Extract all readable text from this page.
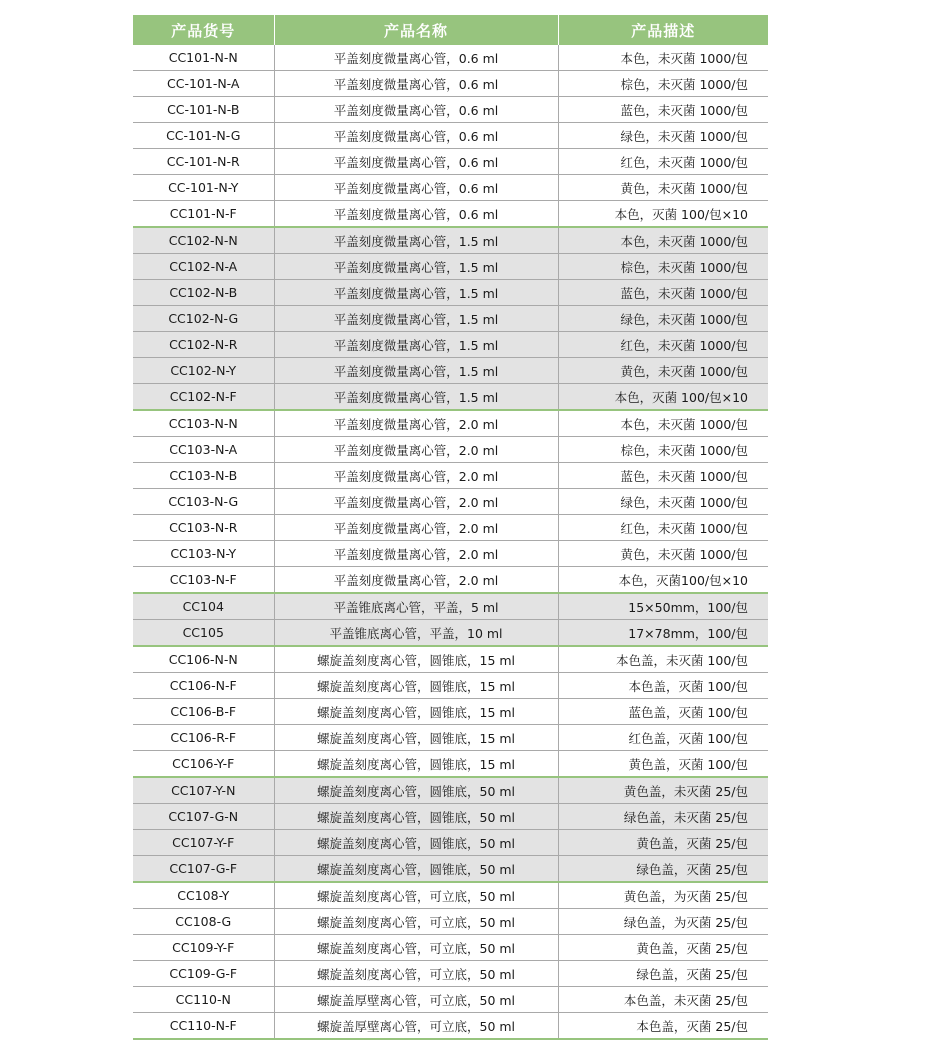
产品货号	产品名称	产品描述
CC101-N-N	平盖刻度微量离心管，0.6 ml	本色，未灭菌 1000/包
CC-101-N-A	平盖刻度微量离心管，0.6 ml	棕色，未灭菌 1000/包
CC-101-N-B	平盖刻度微量离心管，0.6 ml	蓝色，未灭菌 1000/包
CC-101-N-G	平盖刻度微量离心管，0.6 ml	绿色，未灭菌 1000/包
CC-101-N-R	平盖刻度微量离心管，0.6 ml	红色，未灭菌 1000/包
CC-101-N-Y	平盖刻度微量离心管，0.6 ml	黄色，未灭菌 1000/包
CC101-N-F	平盖刻度微量离心管，0.6 ml	本色，灭菌 100/包×10
CC102-N-N	平盖刻度微量离心管，1.5 ml	本色，未灭菌 1000/包
CC102-N-A	平盖刻度微量离心管，1.5 ml	棕色，未灭菌 1000/包
CC102-N-B	平盖刻度微量离心管，1.5 ml	蓝色，未灭菌 1000/包
CC102-N-G	平盖刻度微量离心管，1.5 ml	绿色，未灭菌 1000/包
CC102-N-R	平盖刻度微量离心管，1.5 ml	红色，未灭菌 1000/包
CC102-N-Y	平盖刻度微量离心管，1.5 ml	黄色，未灭菌 1000/包
CC102-N-F	平盖刻度微量离心管，1.5 ml	本色，灭菌 100/包×10
CC103-N-N	平盖刻度微量离心管，2.0 ml	本色，未灭菌 1000/包
CC103-N-A	平盖刻度微量离心管，2.0 ml	棕色，未灭菌 1000/包
CC103-N-B	平盖刻度微量离心管，2.0 ml	蓝色，未灭菌 1000/包
CC103-N-G	平盖刻度微量离心管，2.0 ml	绿色，未灭菌 1000/包
CC103-N-R	平盖刻度微量离心管，2.0 ml	红色，未灭菌 1000/包
CC103-N-Y	平盖刻度微量离心管，2.0 ml	黄色，未灭菌 1000/包
CC103-N-F	平盖刻度微量离心管，2.0 ml	本色，灭菌100/包×10
CC104	平盖锥底离心管，平盖，5 ml	15×50mm，100/包
CC105	平盖锥底离心管，平盖，10 ml	17×78mm，100/包
CC106-N-N	螺旋盖刻度离心管，圆锥底，15 ml	本色盖，未灭菌 100/包
CC106-N-F	螺旋盖刻度离心管，圆锥底，15 ml	本色盖，灭菌 100/包
CC106-B-F	螺旋盖刻度离心管，圆锥底，15 ml	蓝色盖，灭菌 100/包
CC106-R-F	螺旋盖刻度离心管，圆锥底，15 ml	红色盖，灭菌 100/包
CC106-Y-F	螺旋盖刻度离心管，圆锥底，15 ml	黄色盖，灭菌 100/包
CC107-Y-N	螺旋盖刻度离心管，圆锥底，50 ml	黄色盖，未灭菌 25/包
CC107-G-N	螺旋盖刻度离心管，圆锥底，50 ml	绿色盖，未灭菌 25/包
CC107-Y-F	螺旋盖刻度离心管，圆锥底，50 ml	黄色盖，灭菌 25/包
CC107-G-F	螺旋盖刻度离心管，圆锥底，50 ml	绿色盖，灭菌 25/包
CC108-Y	螺旋盖刻度离心管，可立底，50 ml	黄色盖，为灭菌 25/包
CC108-G	螺旋盖刻度离心管，可立底，50 ml	绿色盖，为灭菌 25/包
CC109-Y-F	螺旋盖刻度离心管，可立底，50 ml	黄色盖，灭菌 25/包
CC109-G-F	螺旋盖刻度离心管，可立底，50 ml	绿色盖，灭菌 25/包
CC110-N	螺旋盖厚壁离心管，可立底，50 ml	本色盖，未灭菌 25/包
CC110-N-F	螺旋盖厚壁离心管，可立底，50 ml	本色盖，灭菌 25/包
